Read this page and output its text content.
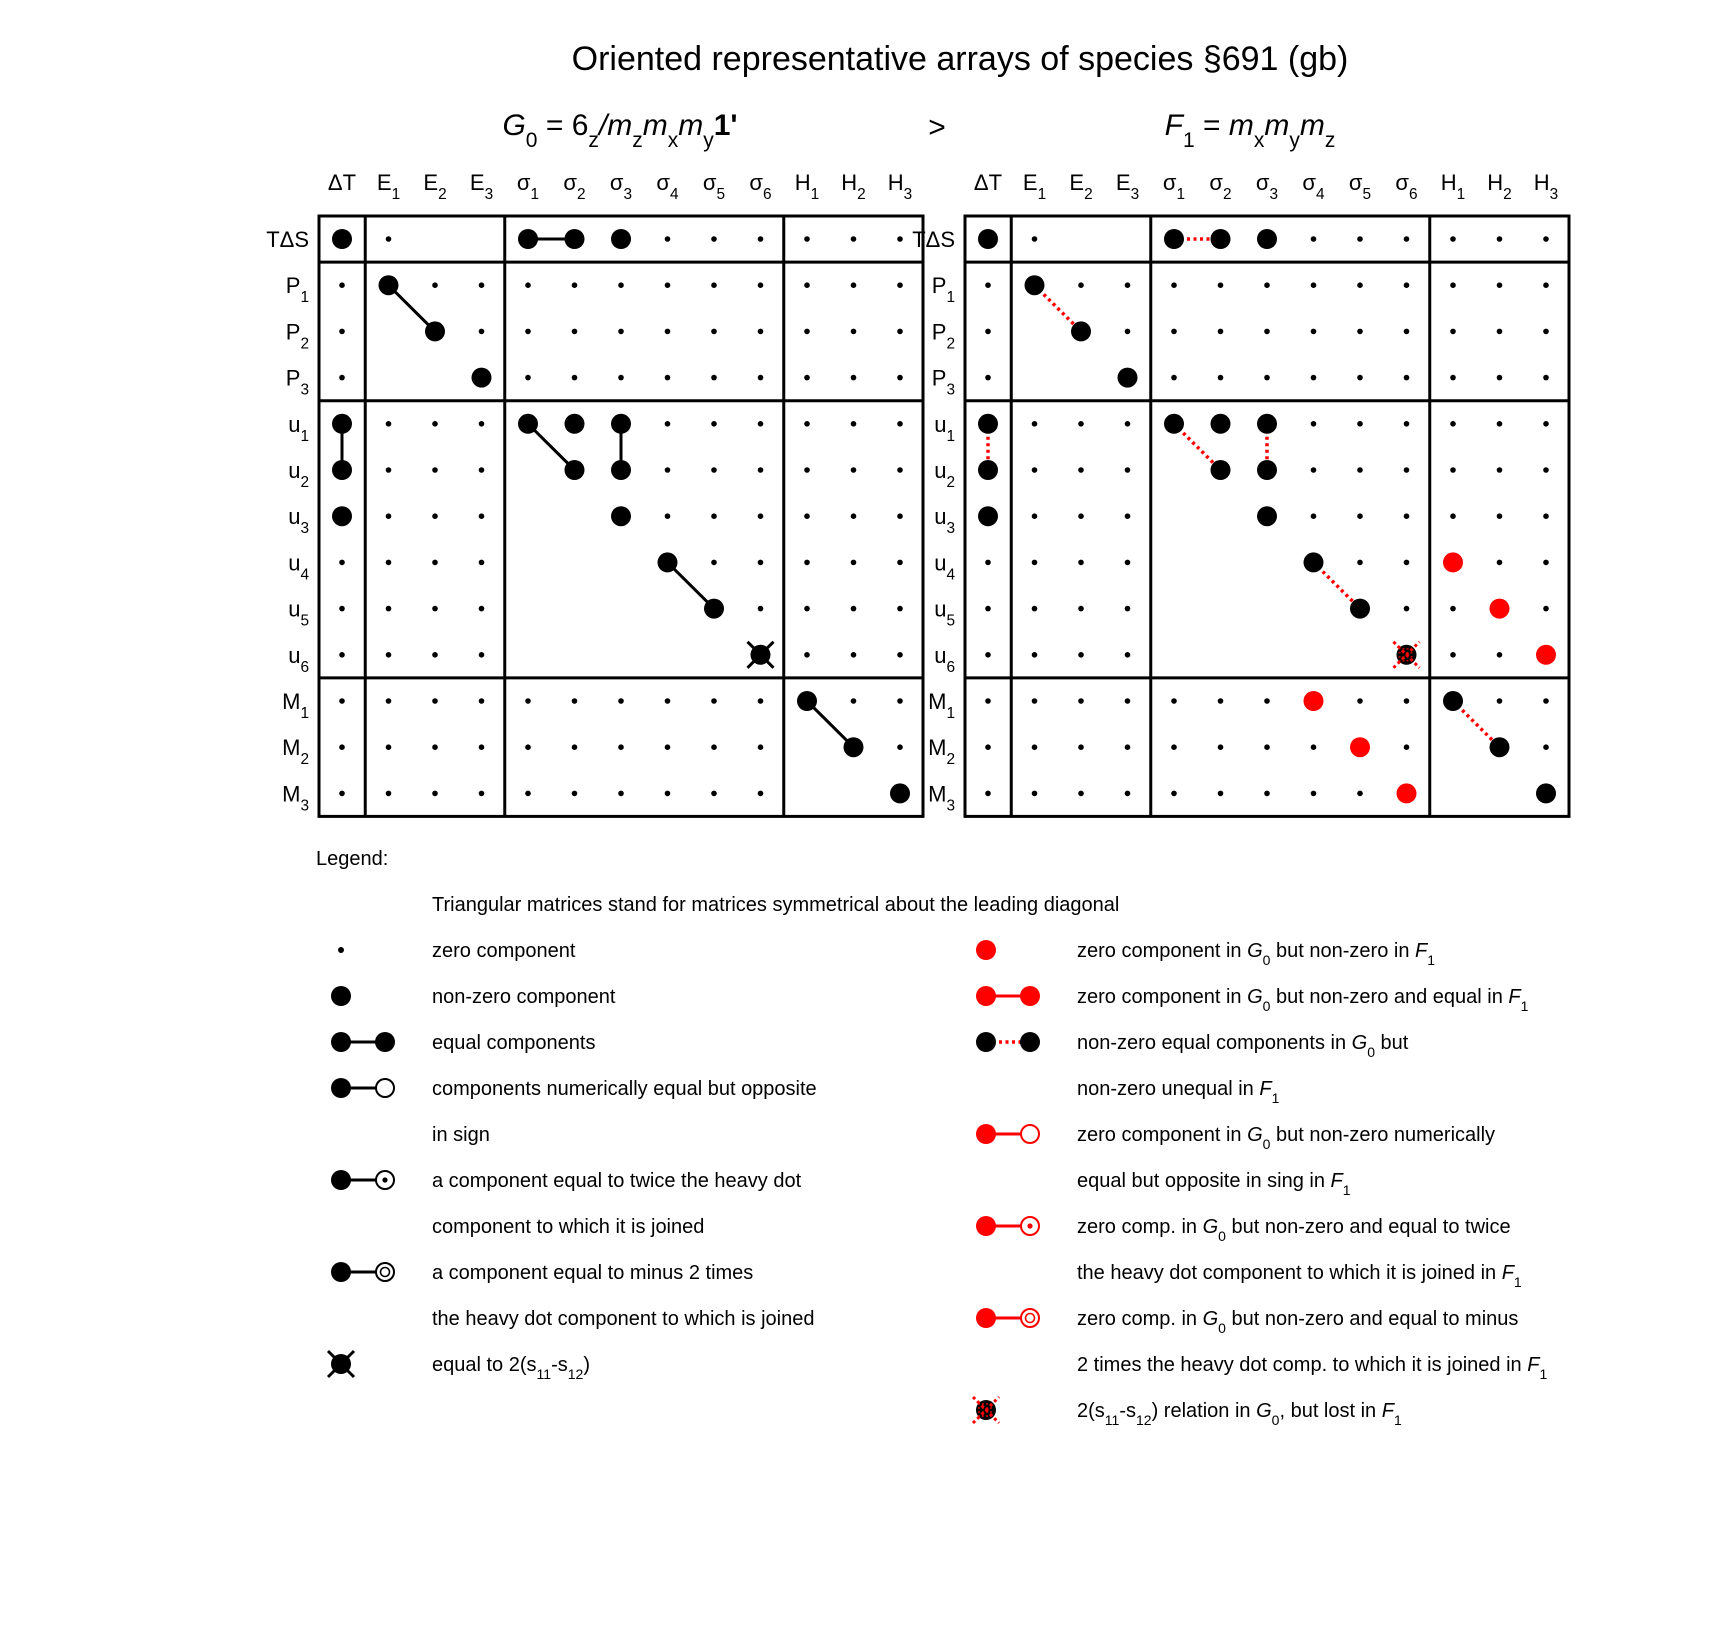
Oriented representative arrays of species §691 (gb)
>
$G_0 = 6_z/m_zm_xm_y1'$	$F_1 = m_xm_ym_z$
ΔT $E_1$ $E_2$ $E_3$ $\sigma_1$ $\sigma_2$ $\sigma_3$ $\sigma_4$ $\sigma_5$ $\sigma_6$ $H_1$ $H_2$ $H_3$
TΔS
$P_1$
$P_2$
$P_3$
$u_1$
$u_2$
$u_3$
$u_4$
$u_5$
$u_6$
$M_1$
$M_2$
$M_3$
ΔT $E_1$ $E_2$ $E_3$ $\sigma_1$ $\sigma_2$ $\sigma_3$ $\sigma_4$ $\sigma_5$ $\sigma_6$ $H_1$ $H_2$ $H_3$
TΔS
$P_1$
$P_2$
$P_3$
$u_1$
$u_2$
$u_3$
$u_4$
$u_5$
$u_6$
$M_1$
$M_2$
$M_3$
Legend:
Triangular matrices stand for matrices symmetrical about the leading diagonal
zero component
non-zero component
equal components
components numerically equal but opposite
in sign
a component equal to twice the heavy dot
component to which it is joined
a component equal to minus 2 times
the heavy dot component to which is joined
equal to $2(s_{11}-s_{12})$
zero component in $G_0$ but non-zero in $F_1$
zero component in $G_0$ but non-zero and equal in $F_1$
non-zero equal components in $G_0$ but
non-zero unequal in $F_1$
zero component in $G_0$ but non-zero numerically
equal but opposite in sing in $F_1$
zero comp. in $G_0$ but non-zero and equal to twice
the heavy dot component to which it is joined in $F_1$
zero comp. in $G_0$ but non-zero and equal to minus
2 times the heavy dot comp. to which it is joined in $F_1$
$2(s_{11}-s_{12})$ relation in $G_0$, but lost in $F_1$
